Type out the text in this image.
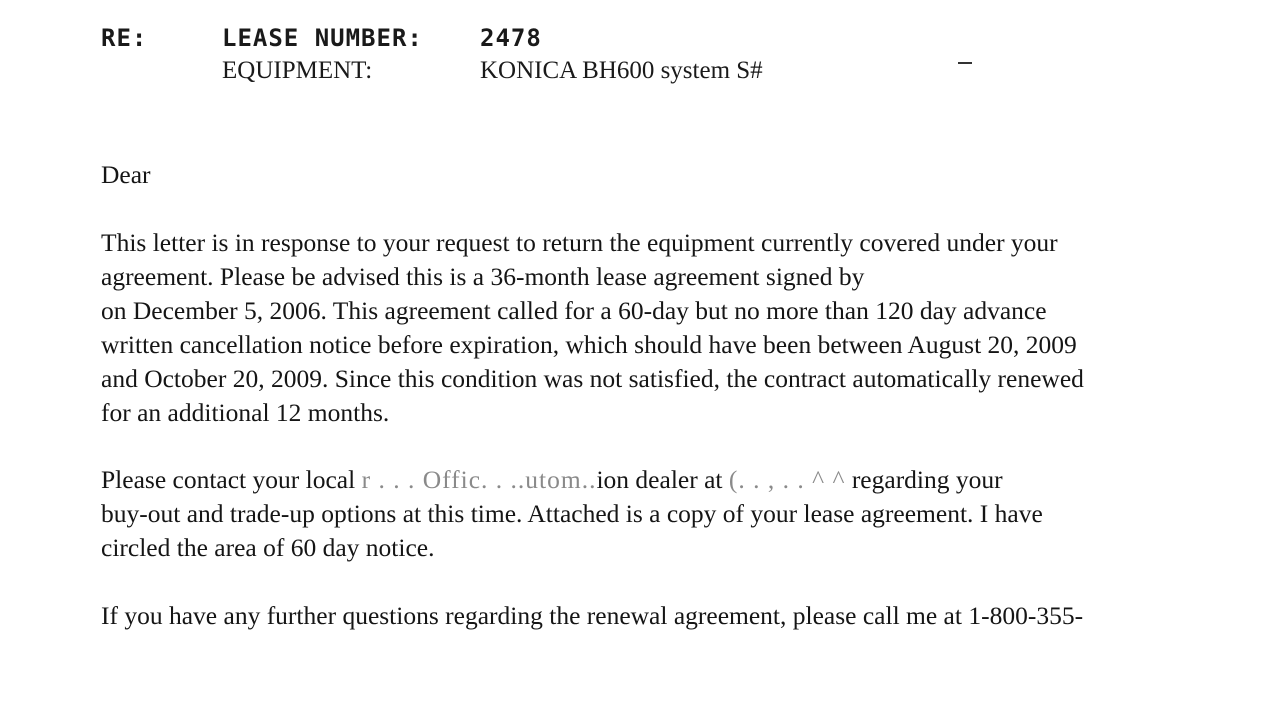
RE:	LEASE NUMBER: 2478
EQUIPMENT:	KONICA BH600 system S#

Dear

This letter is in response to your request to return the equipment currently covered under your
agreement. Please be advised this is a 36-month lease agreement signed by
on December 5, 2006. This agreement called for a 60-day but no more than 120 day advance
written cancellation notice before expiration, which should have been between August 20, 2009
and October 20, 2009. Since this condition was not satisfied, the contract automatically renewed
for an additional 12 months.

Please contact your local r . . . Offic. . ..utom..ion dealer at (. . , . . ^ ^ regarding your
buy-out and trade-up options at this time. Attached is a copy of your lease agreement. I have
circled the area of 60 day notice.

If you have any further questions regarding the renewal agreement, please call me at 1-800-355-
